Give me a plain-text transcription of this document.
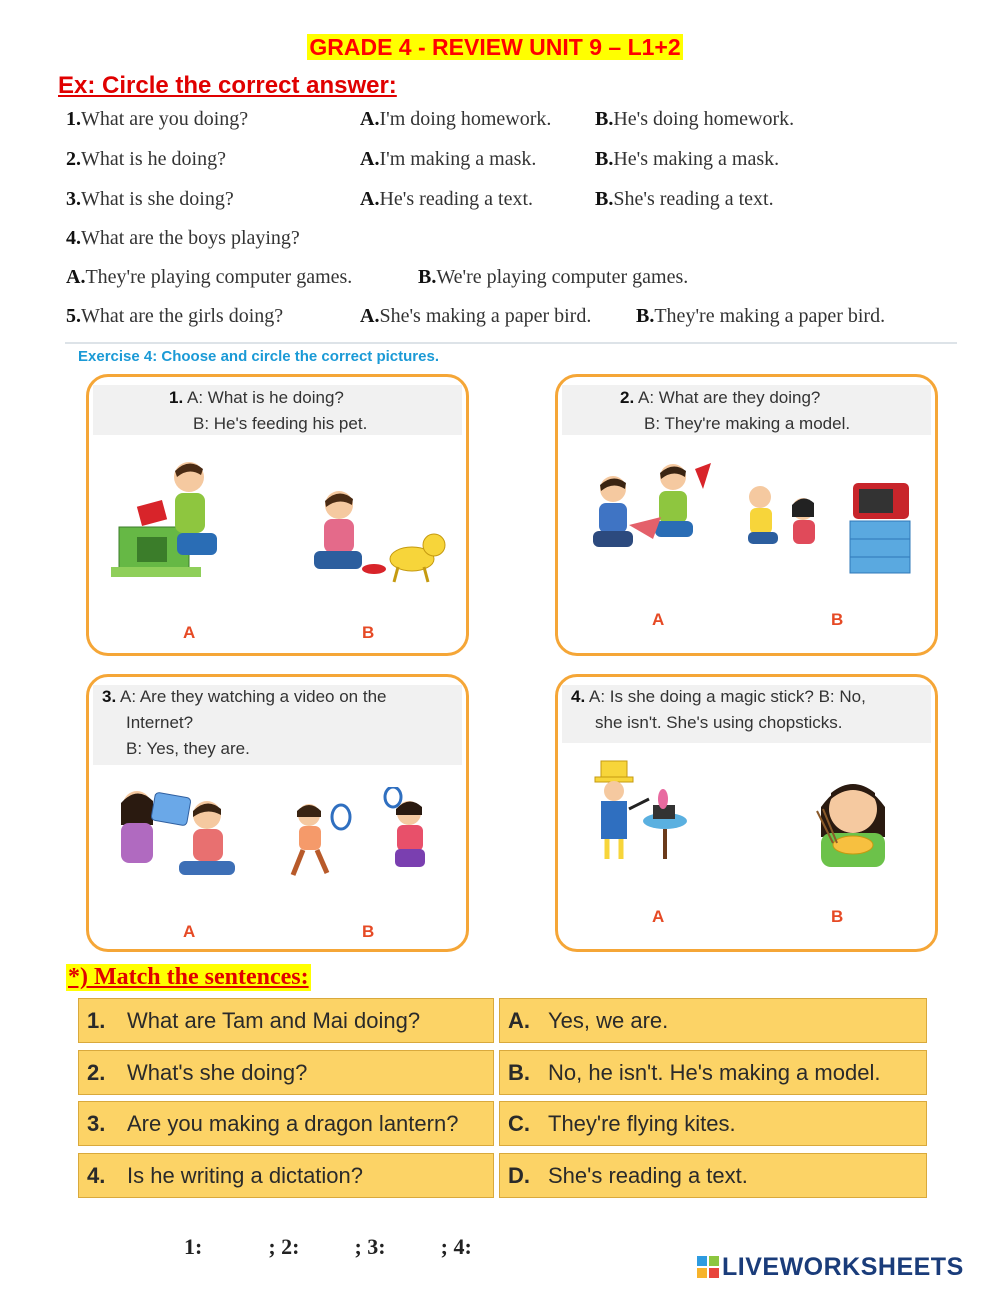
GRADE 4 - REVIEW UNIT 9 – L1+2
Ex: Circle the correct answer:
1.What are you doing?	A.I'm doing homework. B.He's doing homework.
2.What is he doing?	A.I'm making a mask.	B.He's making a mask.
3.What is she doing?	A.He's reading a text.	B.She's reading a text.
4.What are the boys playing?
A.They're playing computer games.	B.We're playing computer games.
5.What are the girls doing?	A.She's making a paper bird. B.They're making a paper bird.
Exercise 4: Choose and circle the correct pictures.
1. A: What is he doing?
B: He's feeding his pet.
A	B
2. A: What are they doing?
B: They're making a model.
A	B
3. A: Are they watching a video on the
Internet?
B: Yes, they are.
A	B
4. A: Is she doing a magic stick? B: No,
she isn't. She's using chopsticks.
A	B
*) Match the sentences:
1. What are Tam and Mai doing?	A. Yes, we are.
2. What's she doing?	B. No, he isn't. He's making a model.
3. Are you making a dragon lantern?	C. They're flying kites.
4. Is he writing a dictation?	D. She's reading a text.
1:            ; 2:          ; 3:          ; 4:
LIVEWORKSHEETS
